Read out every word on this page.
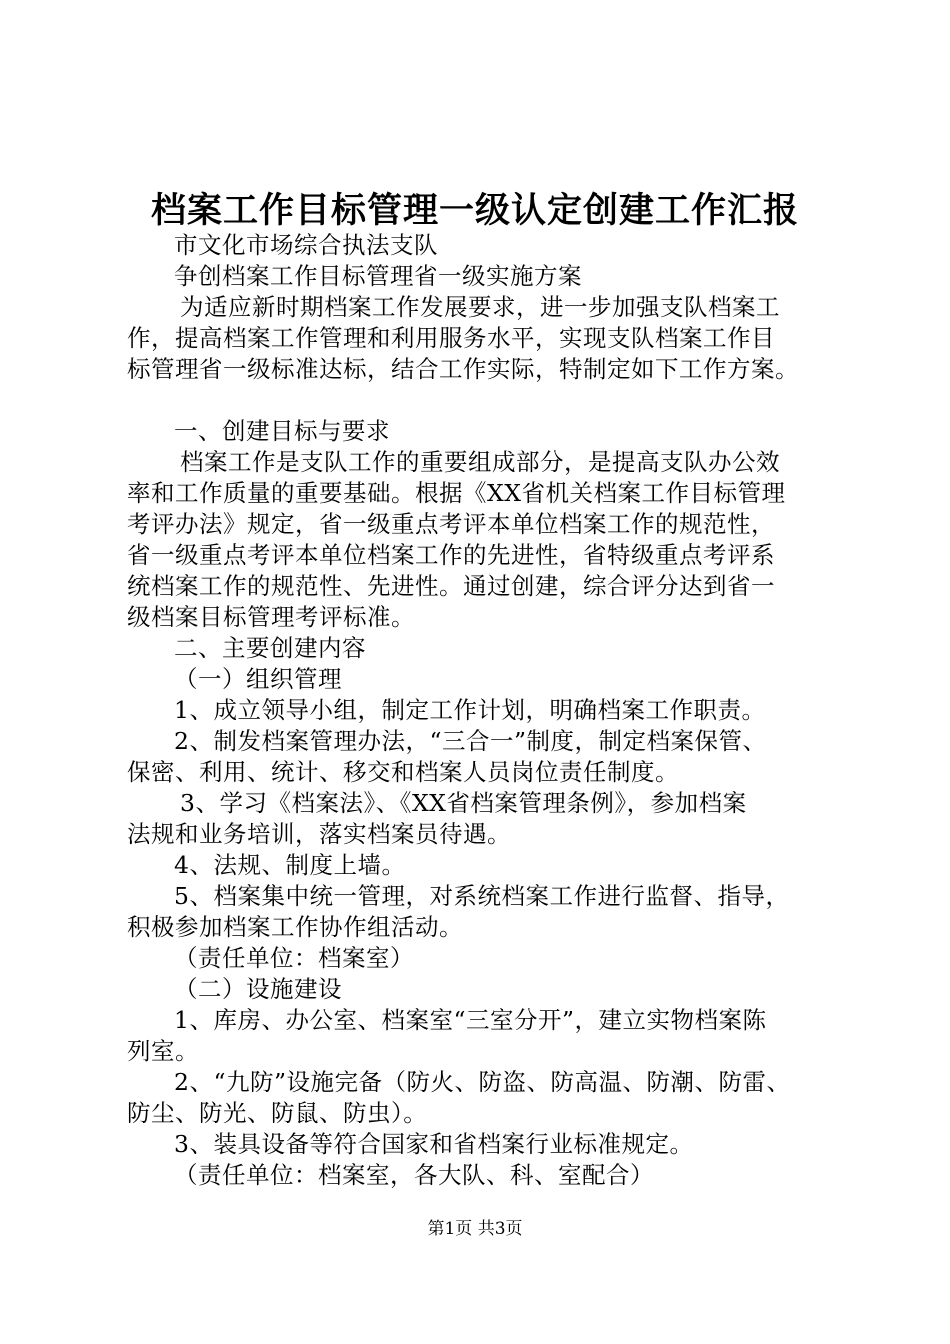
档案工作目标管理一级认定创建工作汇报

市文化市场综合执法支队

争创档案工作目标管理省一级实施方案

为适应新时期档案工作发展要求，进一步加强支队档案工

作，提高档案工作管理和利用服务水平，实现支队档案工作目

标管理省一级标准达标，结合工作实际，特制定如下工作方案。

一、创建目标与要求

档案工作是支队工作的重要组成部分，是提高支队办公效

率和工作质量的重要基础。根据《XX省机关档案工作目标管理

考评办法》规定，省一级重点考评本单位档案工作的规范性，

省一级重点考评本单位档案工作的先进性，省特级重点考评系

统档案工作的规范性、先进性。通过创建，综合评分达到省一

级档案目标管理考评标准。

二、主要创建内容

（一）组织管理

1、成立领导小组，制定工作计划，明确档案工作职责。

2、制发档案管理办法，“三合一”制度，制定档案保管、

保密、利用、统计、移交和档案人员岗位责任制度。

3、学习《档案法》、《XX省档案管理条例》，参加档案

法规和业务培训，落实档案员待遇。

4、法规、制度上墙。

5、档案集中统一管理，对系统档案工作进行监督、指导，

积极参加档案工作协作组活动。

（责任单位：档案室）

（二）设施建设

1、库房、办公室、档案室“三室分开”，建立实物档案陈

列室。

2、“九防”设施完备（防火、防盗、防高温、防潮、防雷、

防尘、防光、防鼠、防虫）。

3、装具设备等符合国家和省档案行业标准规定。

（责任单位：档案室，各大队、科、室配合）

第1页 共3页
